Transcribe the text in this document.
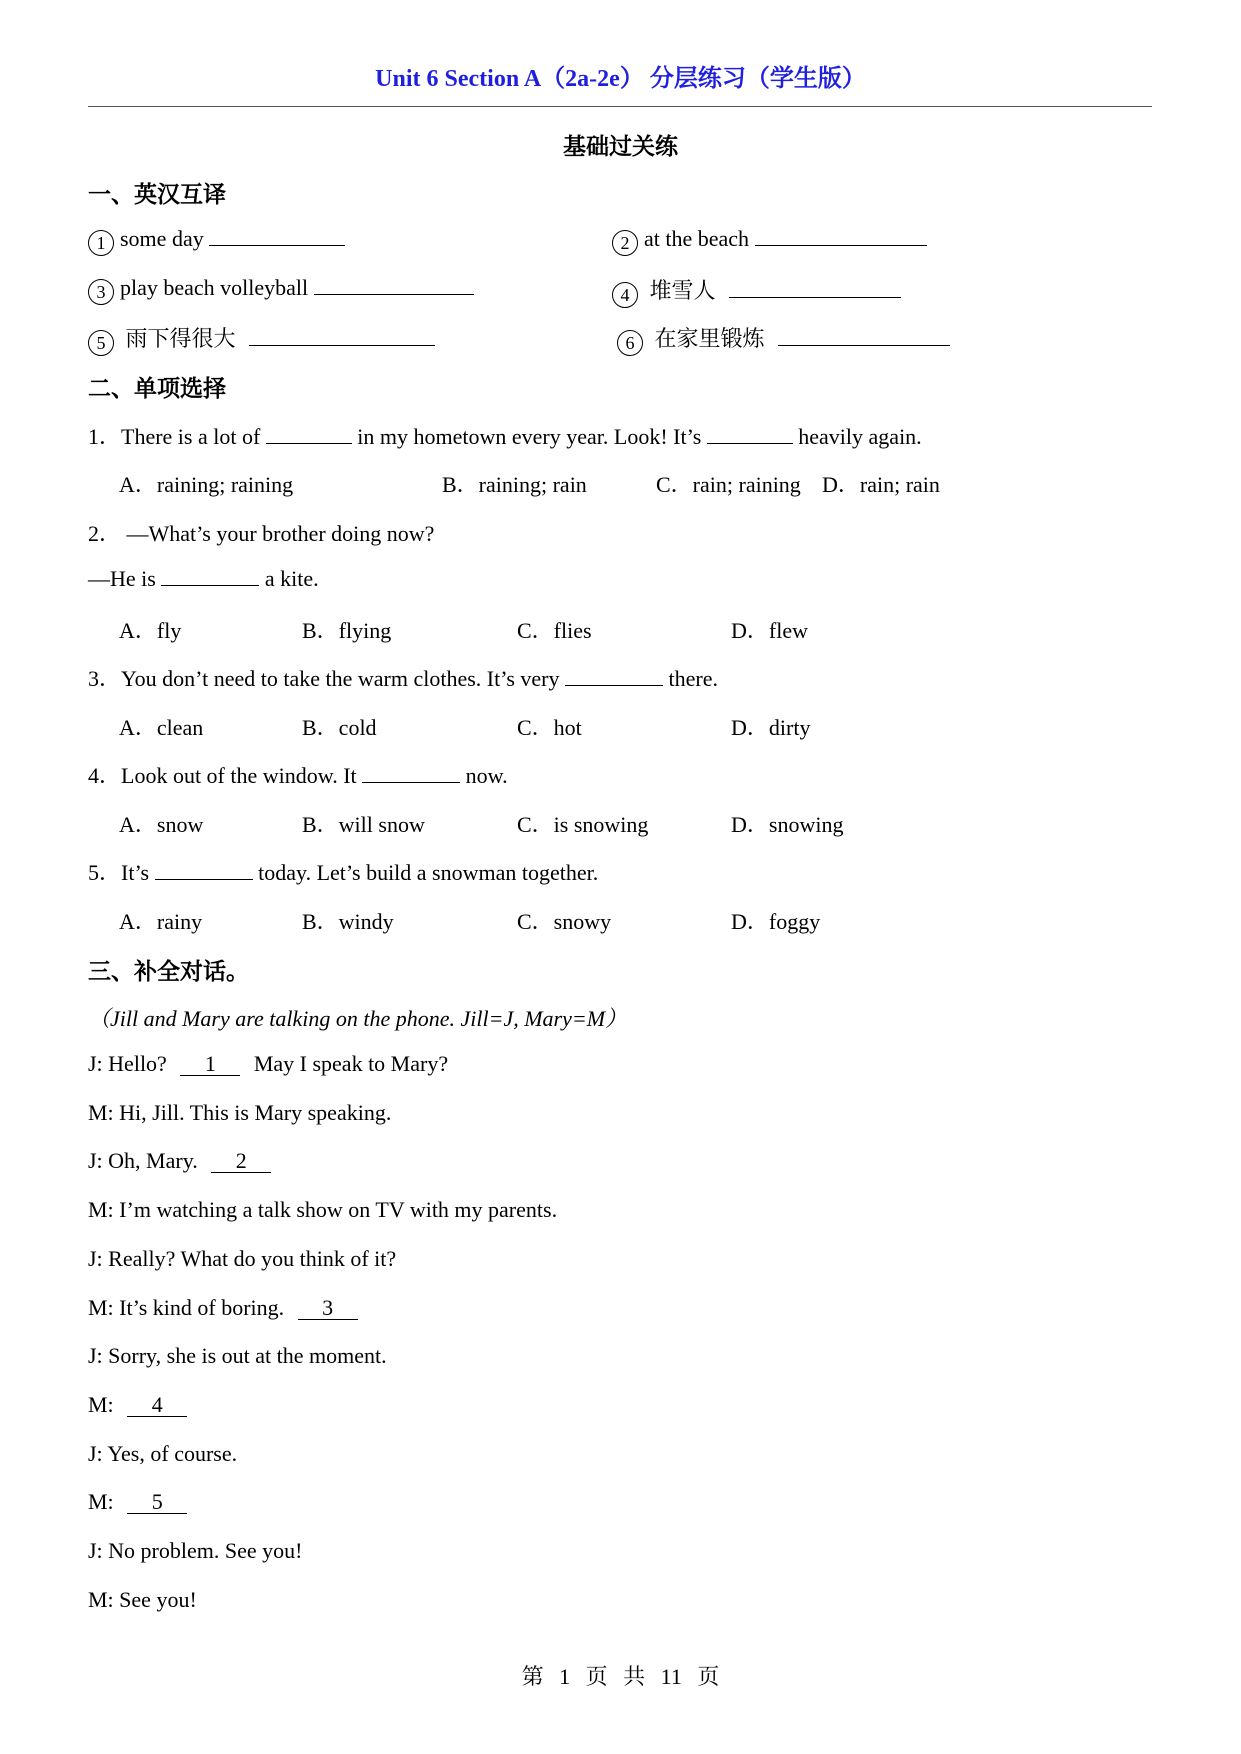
Unit 6 Section A（2a-2e） 分层练习（学生版）
基础过关练
一、英汉互译
1 some day	2 at the beach
3 play beach volleyball	4 堆雪人
5 雨下得很大	6 在家里锻炼
二、单项选择
1．There is a lot of	in my hometown every year. Look! It’s	heavily again.
A．raining; raining	B．raining; rain	C．rain; raining D．rain; rain
2． —What’s your brother doing now?
—He is	a kite.
A．fly	B．flying	C．flies	D．flew
3．You don’t need to take the warm clothes. It’s very	there.
A．clean	B．cold	C．hot	D．dirty
4．Look out of the window. It	now.
A．snow	B．will snow	C．is snowing	D．snowing
5．It’s	today. Let’s build a snowman together.
A．rainy	B．windy	C．snowy	D．foggy
三、补全对话。
（Jill and Mary are talking on the phone. Jill=J, Mary=M）
J: Hello? 1 May I speak to Mary?
M: Hi, Jill. This is Mary speaking.
J: Oh, Mary. 2
M: I’m watching a talk show on TV with my parents.
J: Really? What do you think of it?
M: It’s kind of boring. 3
J: Sorry, she is out at the moment.
M: 4
J: Yes, of course.
M: 5
J: No problem. See you!
M: See you!
第 1 页 共 11 页
